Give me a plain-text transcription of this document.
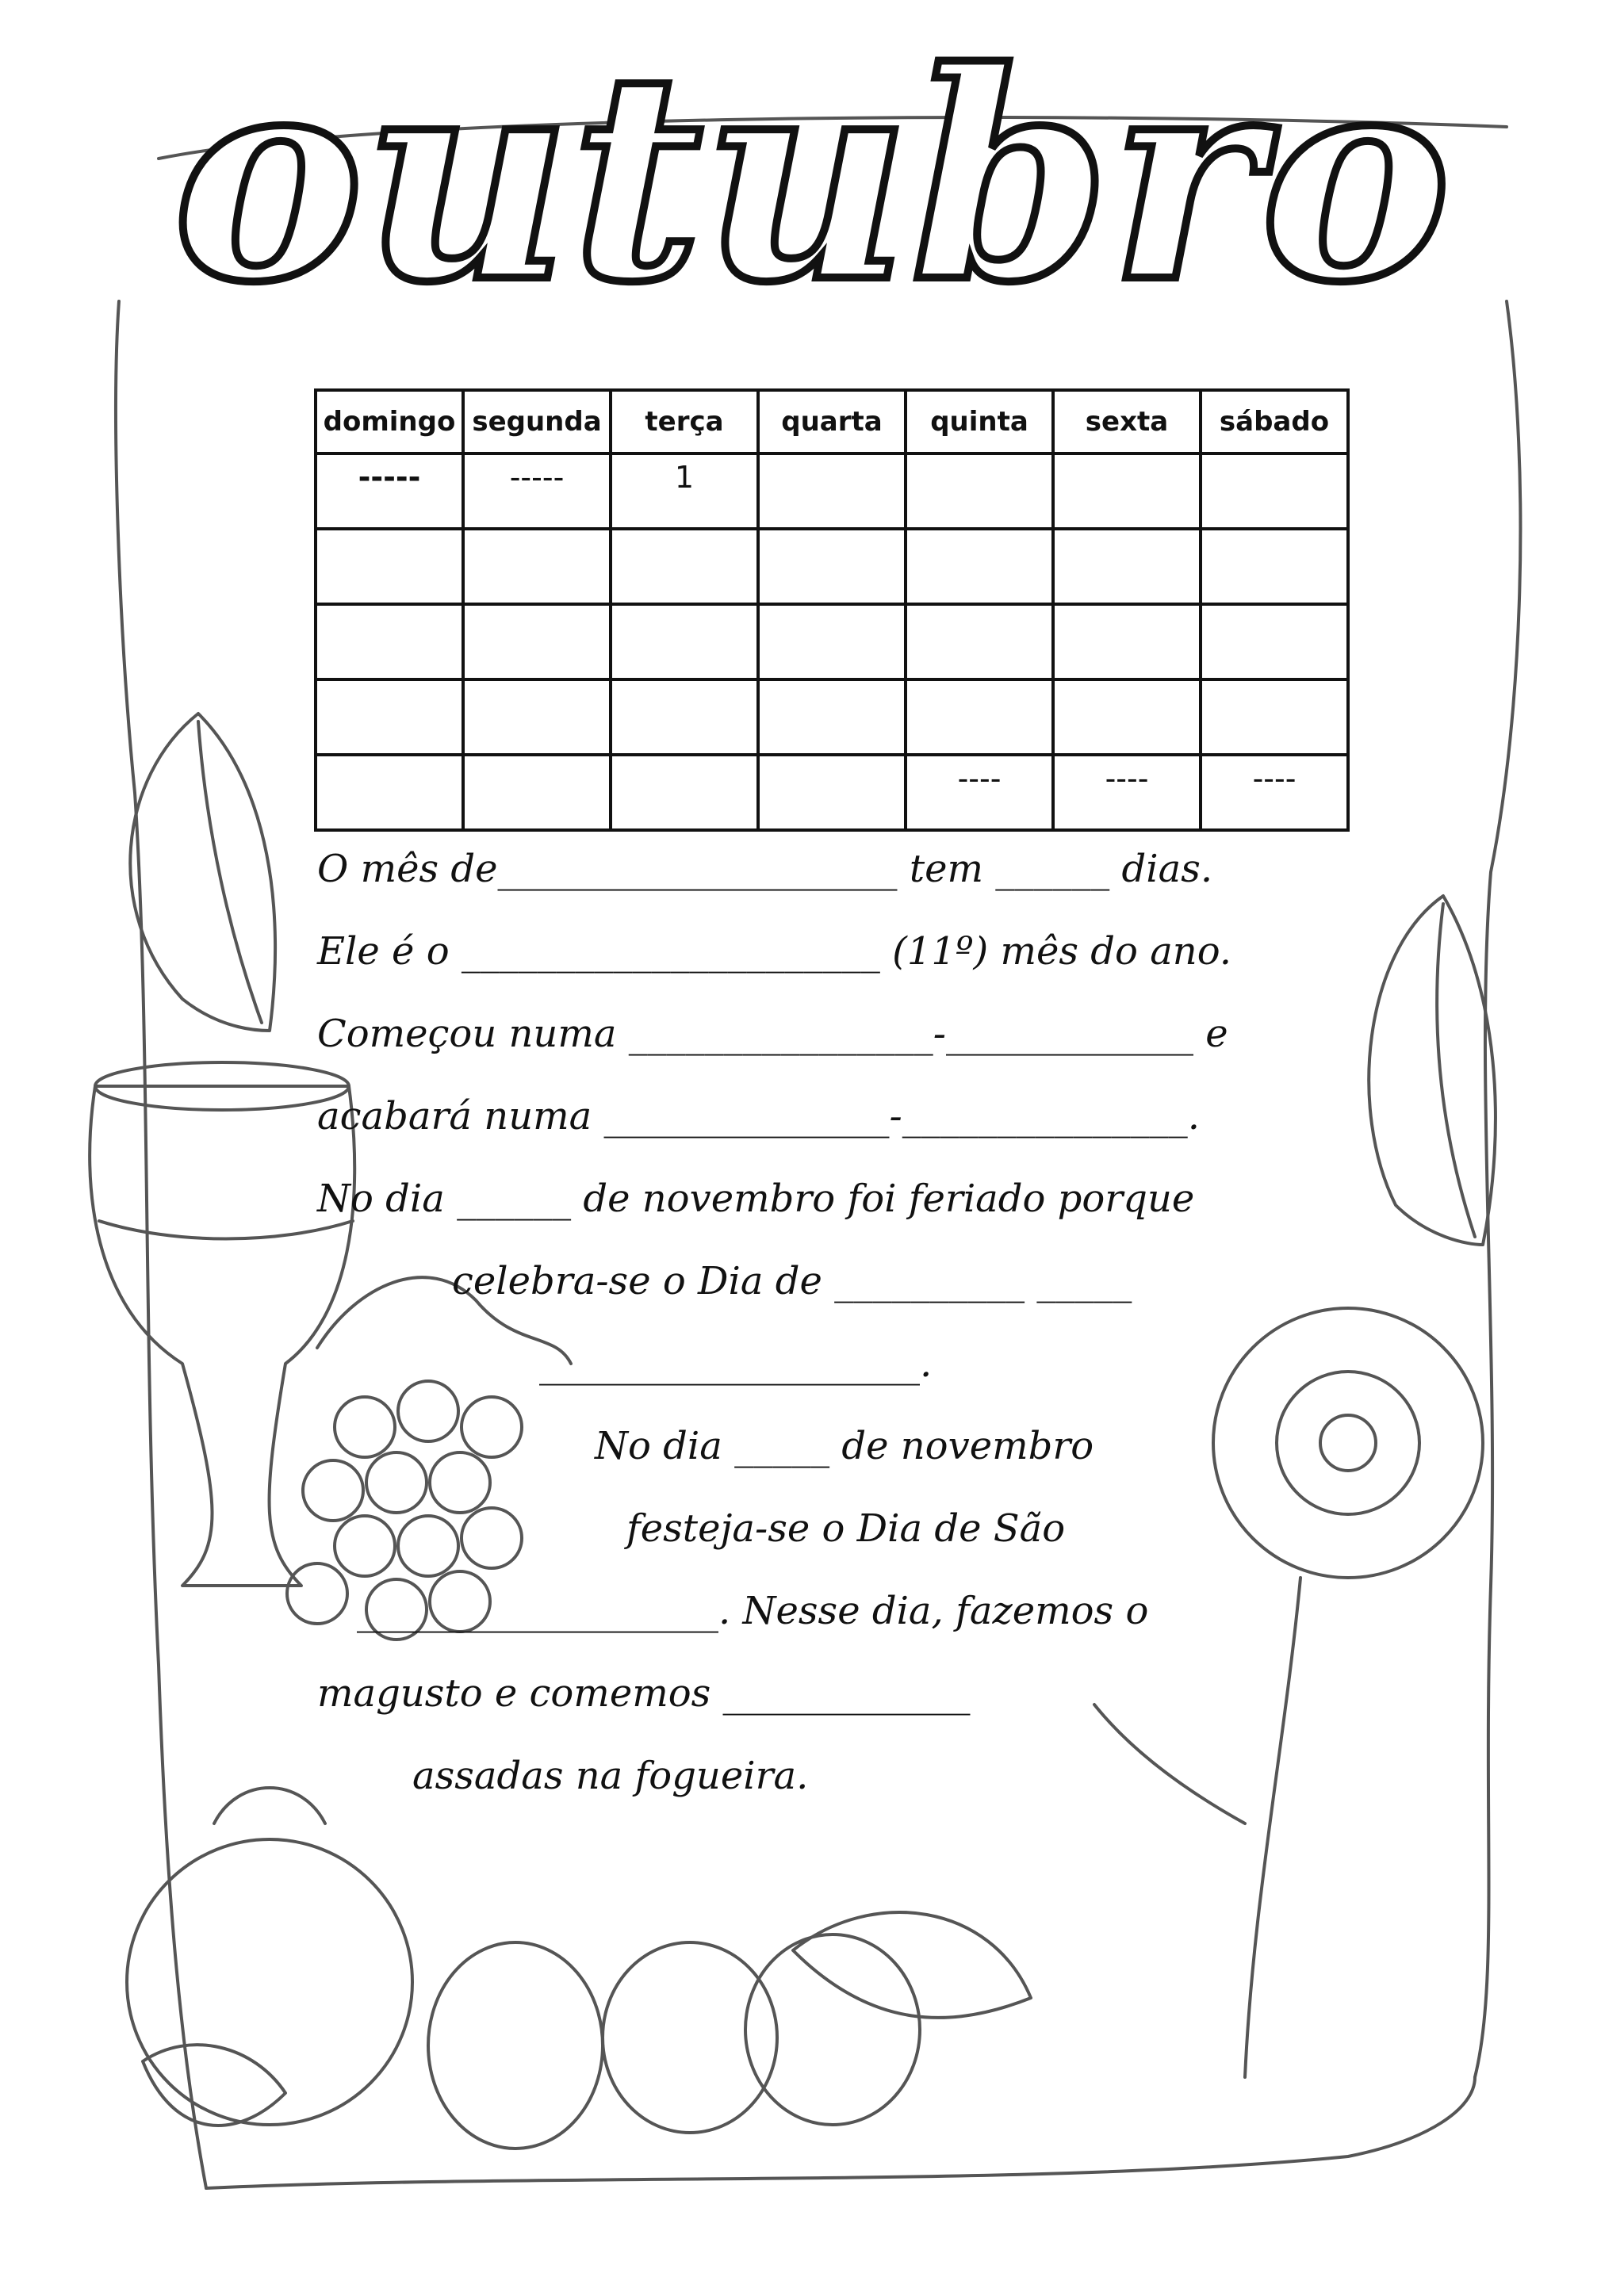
outubro
domingo	segunda	terça	quarta	quinta	sexta	sábado
-----	-----	1				

				----	----	----
O mês de_____________________ tem ______ dias.
Ele é o ______________________ (11º) mês do ano.
Começou numa ________________-_____________ e
acabará numa _______________-_______________.
No dia ______ de novembro foi feriado porque
celebra-se o Dia de __________ _____
____________________.
No dia _____ de novembro
festeja-se o Dia de São
___________________. Nesse dia, fazemos o
magusto e comemos _____________
assadas na fogueira.
